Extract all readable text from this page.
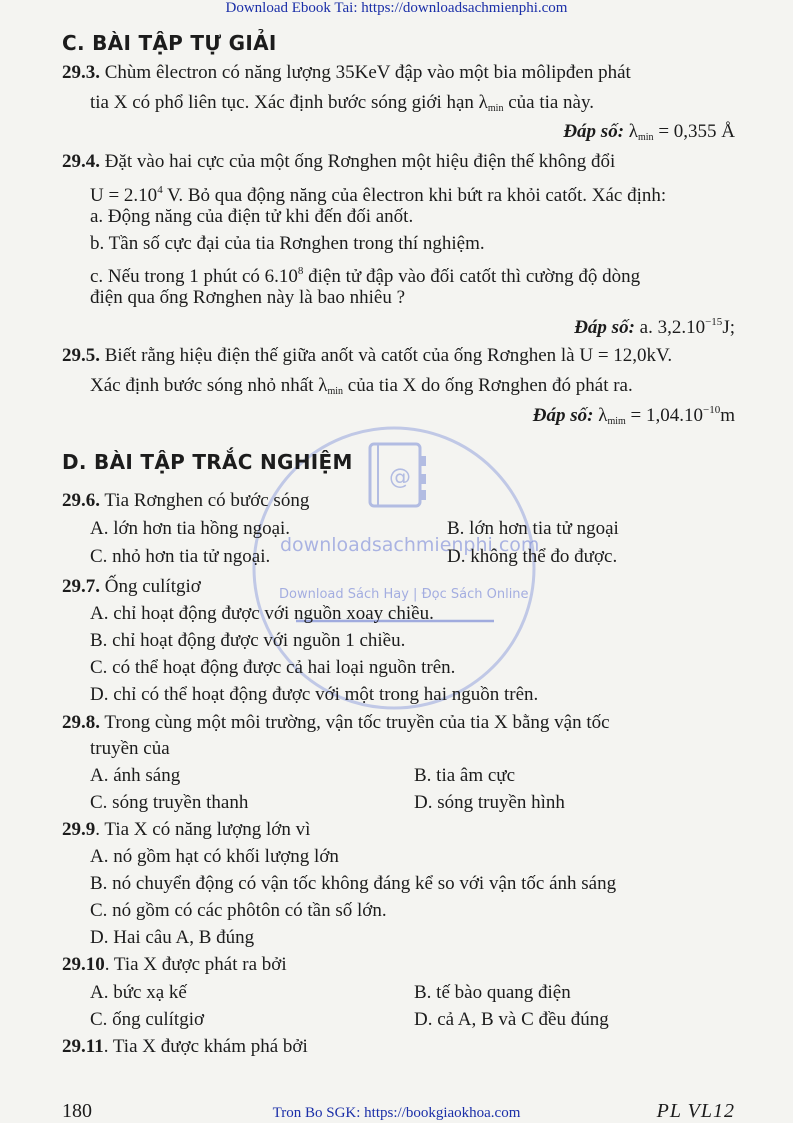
Download Ebook Tai: https://downloadsachmienphi.com
@
downloadsachmienphi.com
Download Sách Hay | Đọc Sách Online
C. BÀI TẬP TỰ GIẢI
29.3. Chùm êlectron có năng lượng 35KeV đập vào một bia môlipđen phát
tia X có phổ liên tục. Xác định bước sóng giới hạn $\lambda_{min}$ của tia này.
Đáp số: $\lambda_{min} = 0,355$ Å
29.4. Đặt vào hai cực của một ống Rơnghen một hiệu điện thế không đổi
$U = 2.10^4$ V. Bỏ qua động năng của êlectron khi bứt ra khỏi catốt. Xác định:
a. Động năng của điện tử khi đến đối anốt.
b. Tần số cực đại của tia Rơnghen trong thí nghiệm.
c. Nếu trong 1 phút có 6.10$^8$ điện tử đập vào đối catốt thì cường độ dòng
điện qua ống Rơnghen này là bao nhiêu ?
Đáp số: a. $3,2.10^{-15}J$;
29.5. Biết rằng hiệu điện thế giữa anốt và catốt của ống Rơnghen là U = 12,0kV.
Xác định bước sóng nhỏ nhất $\lambda_{min}$ của tia X do ống Rơnghen đó phát ra.
Đáp số: $\lambda_{mim} = 1,04.10^{-10}m$
D. BÀI TẬP TRẮC NGHIỆM
29.6. Tia Rơnghen có bước sóng
A. lớn hơn tia hồng ngoại.	B. lớn hơn tia tử ngoại
C. nhỏ hơn tia tử ngoại.	D. không thể đo được.
29.7. Ống culítgiơ
A. chỉ hoạt động được với nguồn xoay chiều.
B. chỉ hoạt động được với nguồn 1 chiều.
C. có thể hoạt động được cả hai loại nguồn trên.
D. chỉ có thể hoạt động được với một trong hai nguồn trên.
29.8. Trong cùng một môi trường, vận tốc truyền của tia X bằng vận tốc
truyền của
A. ánh sáng	B. tia âm cực
C. sóng truyền thanh	D. sóng truyền hình
29.9. Tia X có năng lượng lớn vì
A. nó gồm hạt có khối lượng lớn
B. nó chuyển động có vận tốc không đáng kể so với vận tốc ánh sáng
C. nó gồm có các phôtôn có tần số lớn.
D. Hai câu A, B đúng
29.10. Tia X được phát ra bởi
A. bức xạ kế	B. tế bào quang điện
C. ống culítgiơ	D. cả A, B và C đều đúng
29.11. Tia X được khám phá bởi
180	Tron Bo SGK: https://bookgiaokhoa.com	PL VL12
